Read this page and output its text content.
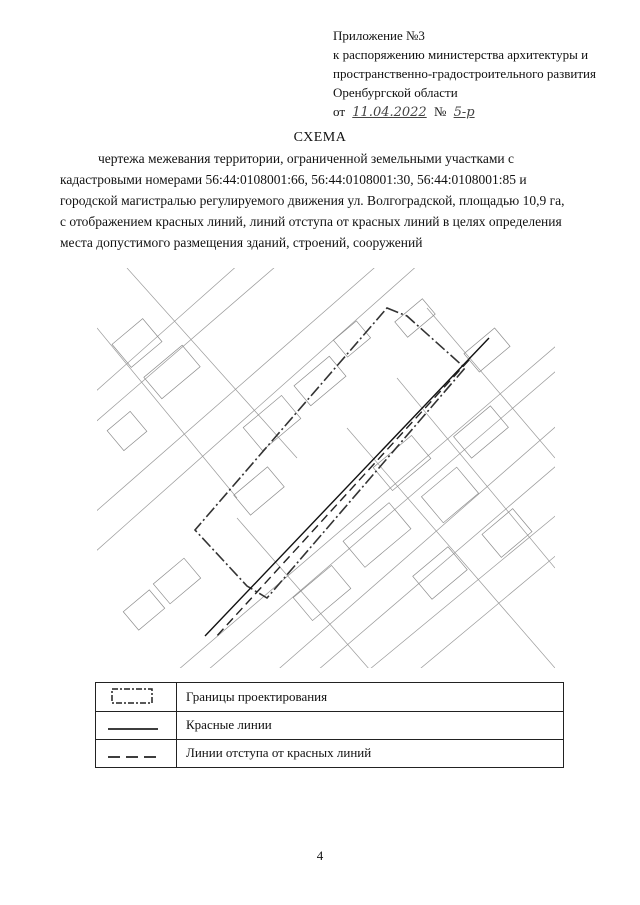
Приложение №3
к распоряжению министерства архитектуры и
пространственно-градостроительного развития
Оренбургской области
от 11.04.2022 № 5-р
СХЕМА
чертежа межевания территории, ограниченной земельными участками с
кадастровыми номерами 56:44:0108001:66, 56:44:0108001:30, 56:44:0108001:85 и
городской магистралью регулируемого движения ул. Волгоградской, площадью 10,9 га,
с отображением красных линий, линий отступа от красных линий в целях определения
места допустимого размещения зданий, строений, сооружений
Границы проектирования
Красные линии
Линии отступа от красных линий
4
